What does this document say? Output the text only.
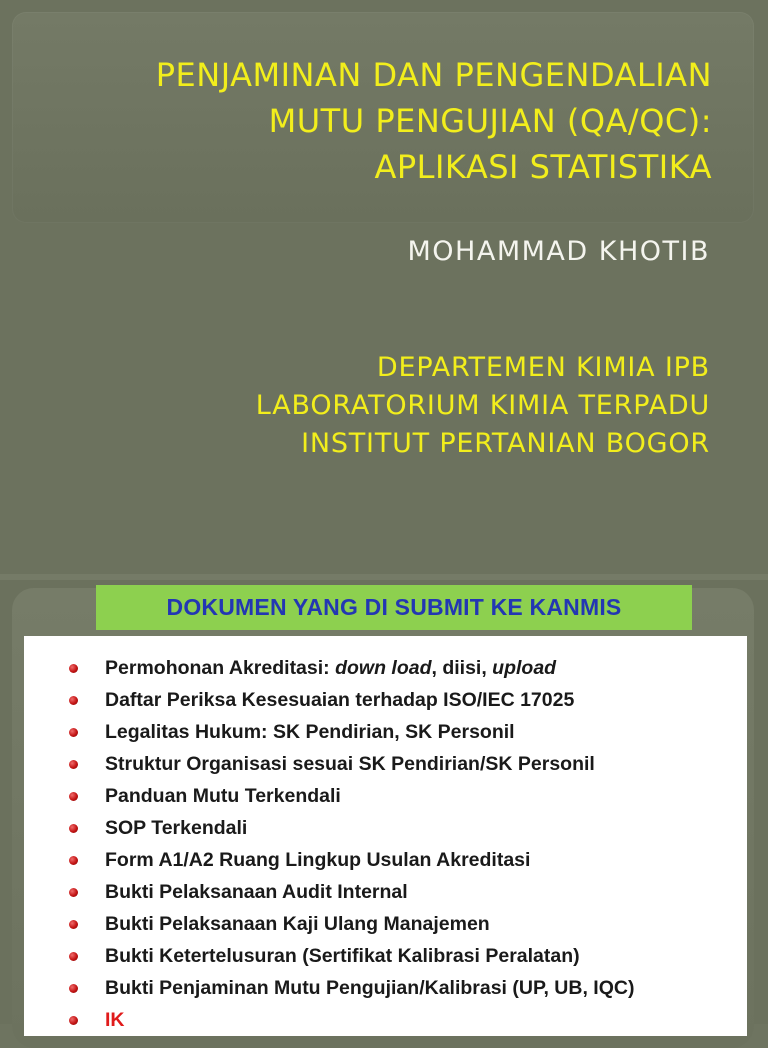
PENJAMINAN DAN PENGENDALIAN
MUTU PENGUJIAN (QA/QC):
APLIKASI STATISTIKA
MOHAMMAD KHOTIB
DEPARTEMEN KIMIA IPB
LABORATORIUM KIMIA TERPADU
INSTITUT PERTANIAN BOGOR
DOKUMEN YANG DI SUBMIT KE KANMIS
Permohonan Akreditasi: down load, diisi, upload
Daftar Periksa Kesesuaian terhadap ISO/IEC 17025
Legalitas Hukum: SK Pendirian, SK Personil
Struktur Organisasi sesuai SK Pendirian/SK Personil
Panduan Mutu Terkendali
SOP Terkendali
Form A1/A2 Ruang Lingkup Usulan Akreditasi
Bukti Pelaksanaan Audit Internal
Bukti Pelaksanaan Kaji Ulang Manajemen
Bukti Ketertelusuran (Sertifikat Kalibrasi Peralatan)
Bukti Penjaminan Mutu Pengujian/Kalibrasi (UP, UB, IQC)
IK
